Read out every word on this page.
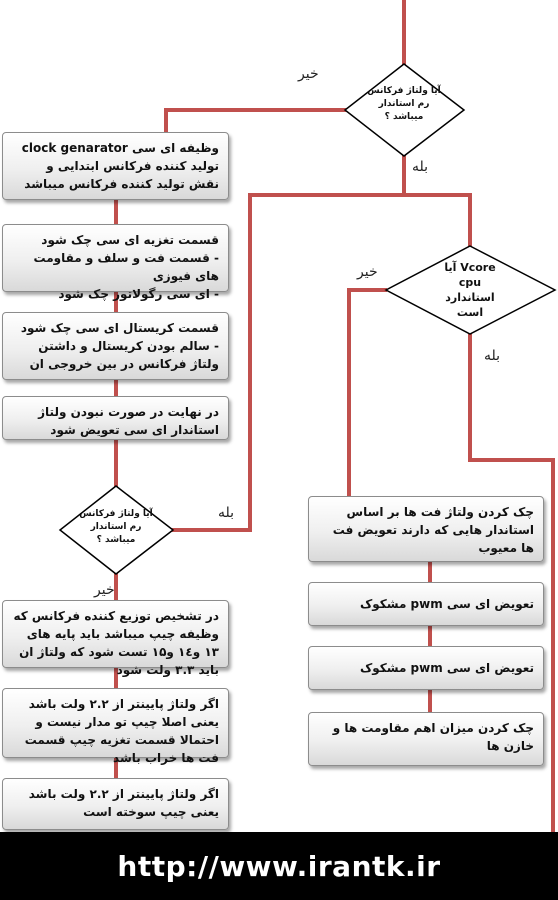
آیا ولتاژ فرکانس
رم استاندار
میباشد ؟
Vcore آیا
cpu
استاندارد
است
آیا ولتاژ فرکانس
رم استاندار
میباشد ؟
خیر
بله
خیر
بله
بله
خیر
وظیفه ای سی clock genarator تولید کننده فرکانس ابتدایی و نقش تولید کننده فرکانس میباشد
قسمت تغزیه ای سی چک شود
- قسمت فت و سلف و مقاومت های فیوزی
- ای سی رگولاتور چک شود
قسمت کریستال ای سی چک شود
- سالم بودن کریستال و داشتن ولتاژ فرکانس در بین خروجی ان
در نهایت در صورت نبودن ولتاژ استاندار ای سی تعویض شود
در تشخیص توزیع کننده فرکانس که وظیفه چیپ میباشد باید پایه های ۱۳ و۱٤ و۱۵ تست شود که ولتاژ ان باید ۳.۳ ولت شود
اگر ولتاژ پایینتر از ۲.۲ ولت باشد یعنی اصلا چیپ تو مدار نیست و احتمالا قسمت تغزیه چیپ قسمت فت ها خراب باشد
اگر ولتاژ پایینتر از ۲.۲ ولت باشد یعنی چیپ سوخته است
چک کردن ولتاژ فت ها بر اساس استاندار هایی که دارند تعویض فت ها معیوب
تعویض ای سی pwm مشکوک
تعویض ای سی pwm مشکوک
چک کردن میزان اهم مقاومت ها و خازن ها
http://www.irantk.ir
